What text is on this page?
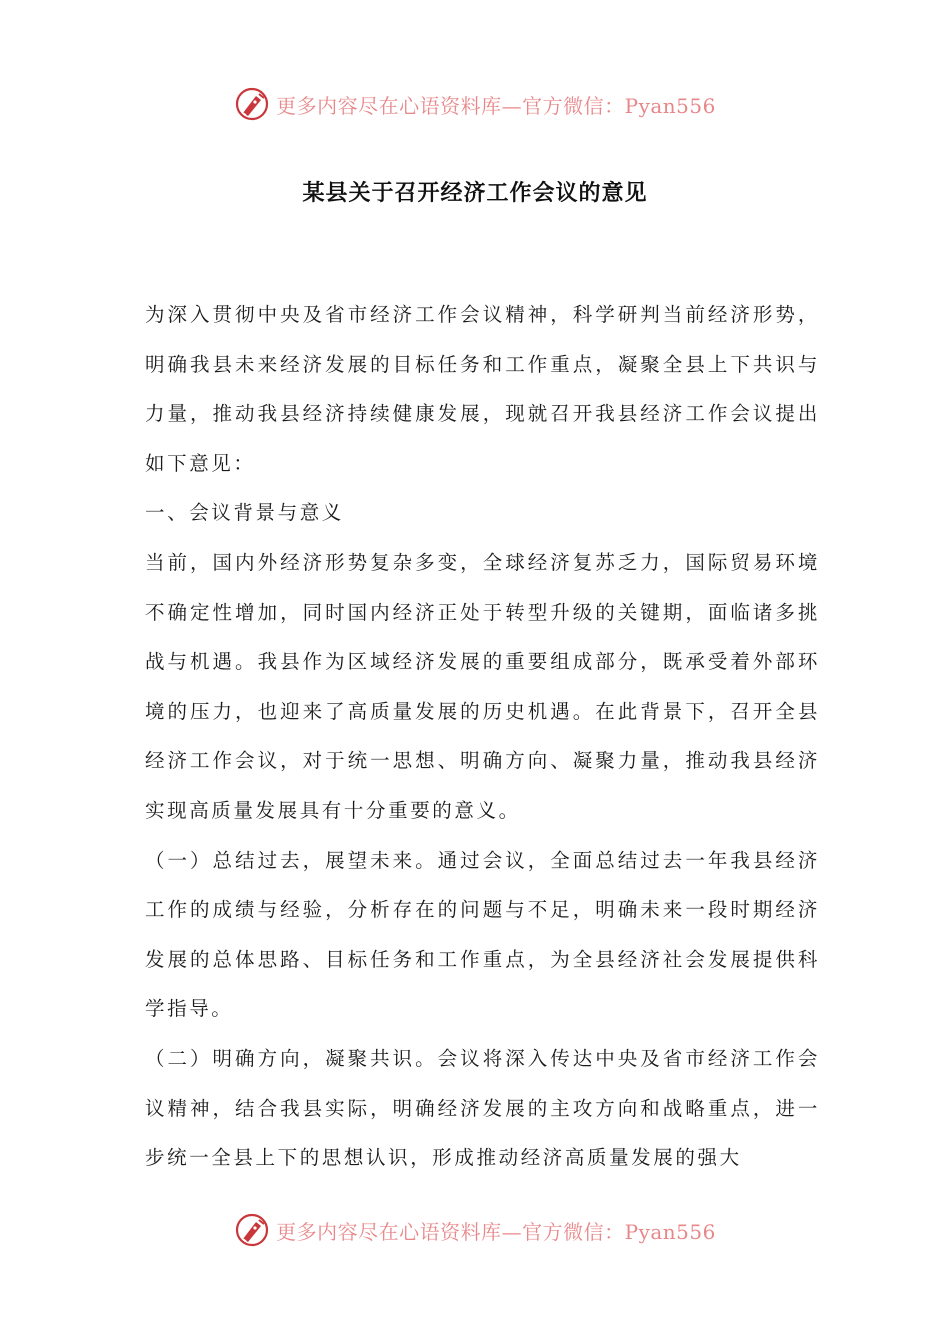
更多内容尽在心语资料库—官方微信：Pyan556
某县关于召开经济工作会议的意见

为深入贯彻中央及省市经济工作会议精神，科学研判当前经济形势，明确我县未来经济发展的目标任务和工作重点，凝聚全县上下共识与力量，推动我县经济持续健康发展，现就召开我县经济工作会议提出如下意见：

一、会议背景与意义

当前，国内外经济形势复杂多变，全球经济复苏乏力，国际贸易环境不确定性增加，同时国内经济正处于转型升级的关键期，面临诸多挑战与机遇。我县作为区域经济发展的重要组成部分，既承受着外部环境的压力，也迎来了高质量发展的历史机遇。在此背景下，召开全县经济工作会议，对于统一思想、明确方向、凝聚力量，推动我县经济实现高质量发展具有十分重要的意义。

（一）总结过去，展望未来。通过会议，全面总结过去一年我县经济工作的成绩与经验，分析存在的问题与不足，明确未来一段时期经济发展的总体思路、目标任务和工作重点，为全县经济社会发展提供科学指导。

（二）明确方向，凝聚共识。会议将深入传达中央及省市经济工作会议精神，结合我县实际，明确经济发展的主攻方向和战略重点，进一步统一全县上下的思想认识，形成推动经济高质量发展的强大

更多内容尽在心语资料库—官方微信：Pyan556
